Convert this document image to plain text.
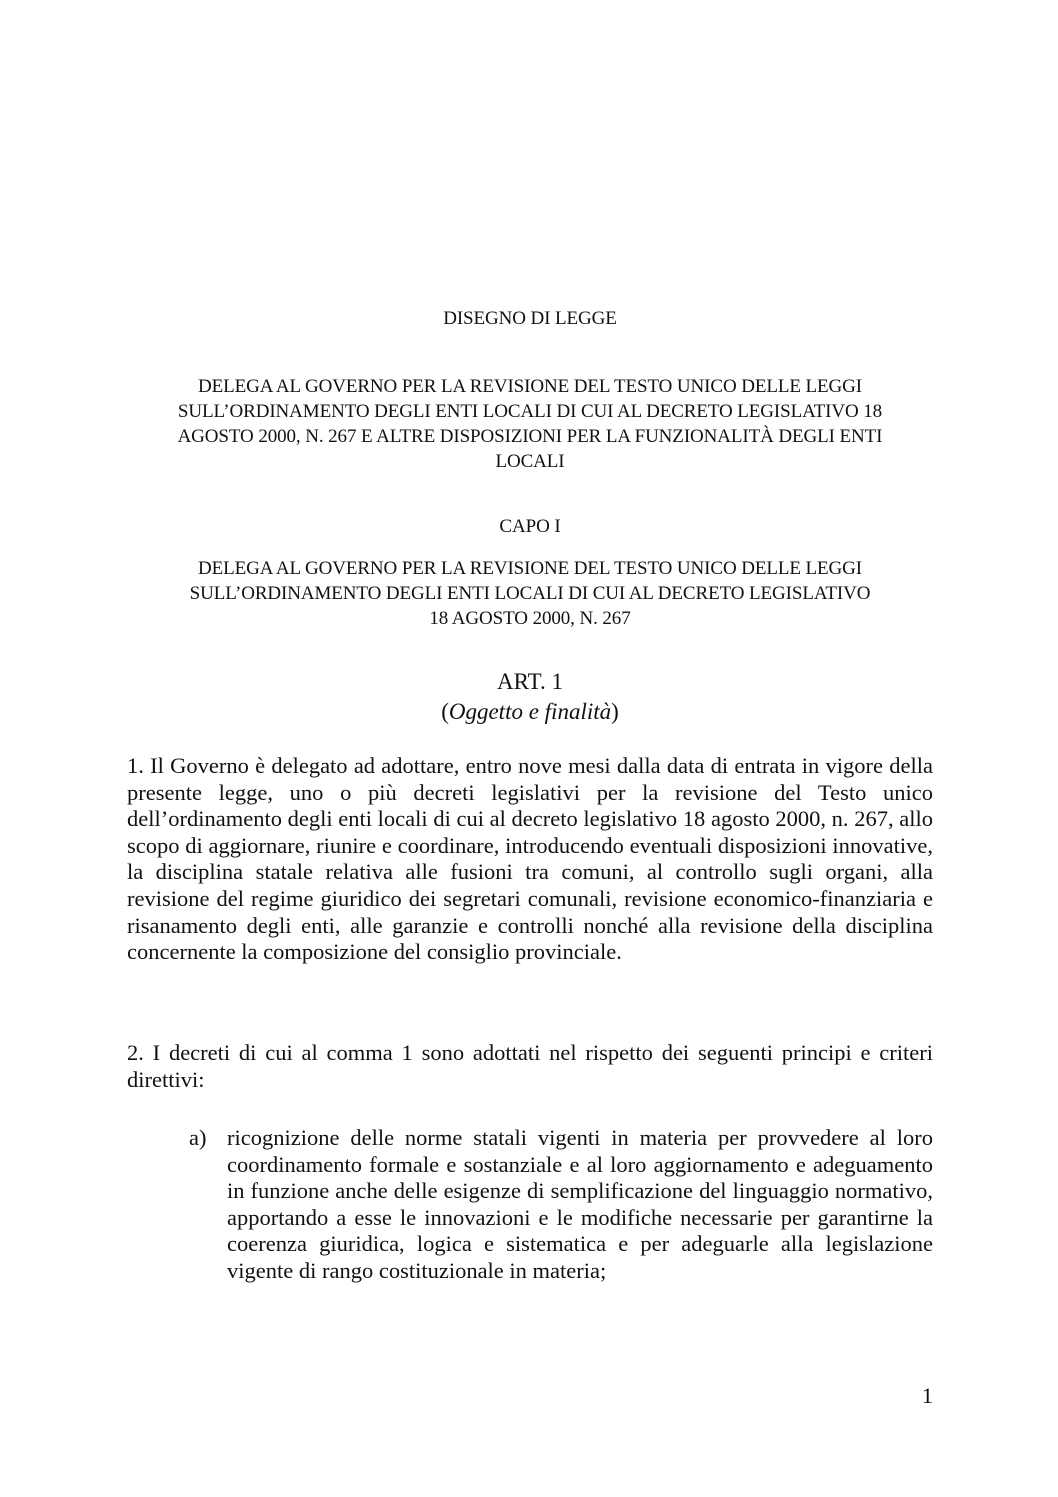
DISEGNO DI LEGGE
DELEGA AL GOVERNO PER LA REVISIONE DEL TESTO UNICO DELLE LEGGI
SULL’ORDINAMENTO DEGLI ENTI LOCALI DI CUI AL DECRETO LEGISLATIVO 18
AGOSTO 2000, N. 267 E ALTRE DISPOSIZIONI PER LA FUNZIONALITÀ DEGLI ENTI
LOCALI
CAPO I
DELEGA AL GOVERNO PER LA REVISIONE DEL TESTO UNICO DELLE LEGGI
SULL’ORDINAMENTO DEGLI ENTI LOCALI DI CUI AL DECRETO LEGISLATIVO
18 AGOSTO 2000, N. 267
ART. 1
(Oggetto e finalità)
1. Il Governo è delegato ad adottare, entro nove mesi dalla data di entrata in vigore della presente legge, uno o più decreti legislativi per la revisione del Testo unico dell’ordinamento degli enti locali di cui al decreto legislativo 18 agosto 2000, n. 267, allo scopo di aggiornare, riunire e coordinare, introducendo eventuali disposizioni innovative, la disciplina statale relativa alle fusioni tra comuni, al controllo sugli organi, alla revisione del regime giuridico dei segretari comunali, revisione economico-finanziaria e risanamento degli enti, alle garanzie e controlli nonché alla revisione della disciplina concernente la composizione del consiglio provinciale.
2. I decreti di cui al comma 1 sono adottati nel rispetto dei seguenti principi e criteri direttivi:
a) ricognizione delle norme statali vigenti in materia per provvedere al loro coordinamento formale e sostanziale e al loro aggiornamento e adeguamento in funzione anche delle esigenze di semplificazione del linguaggio normativo, apportando a esse le innovazioni e le modifiche necessarie per garantirne la coerenza giuridica, logica e sistematica e per adeguarle alla legislazione vigente di rango costituzionale in materia;
1
